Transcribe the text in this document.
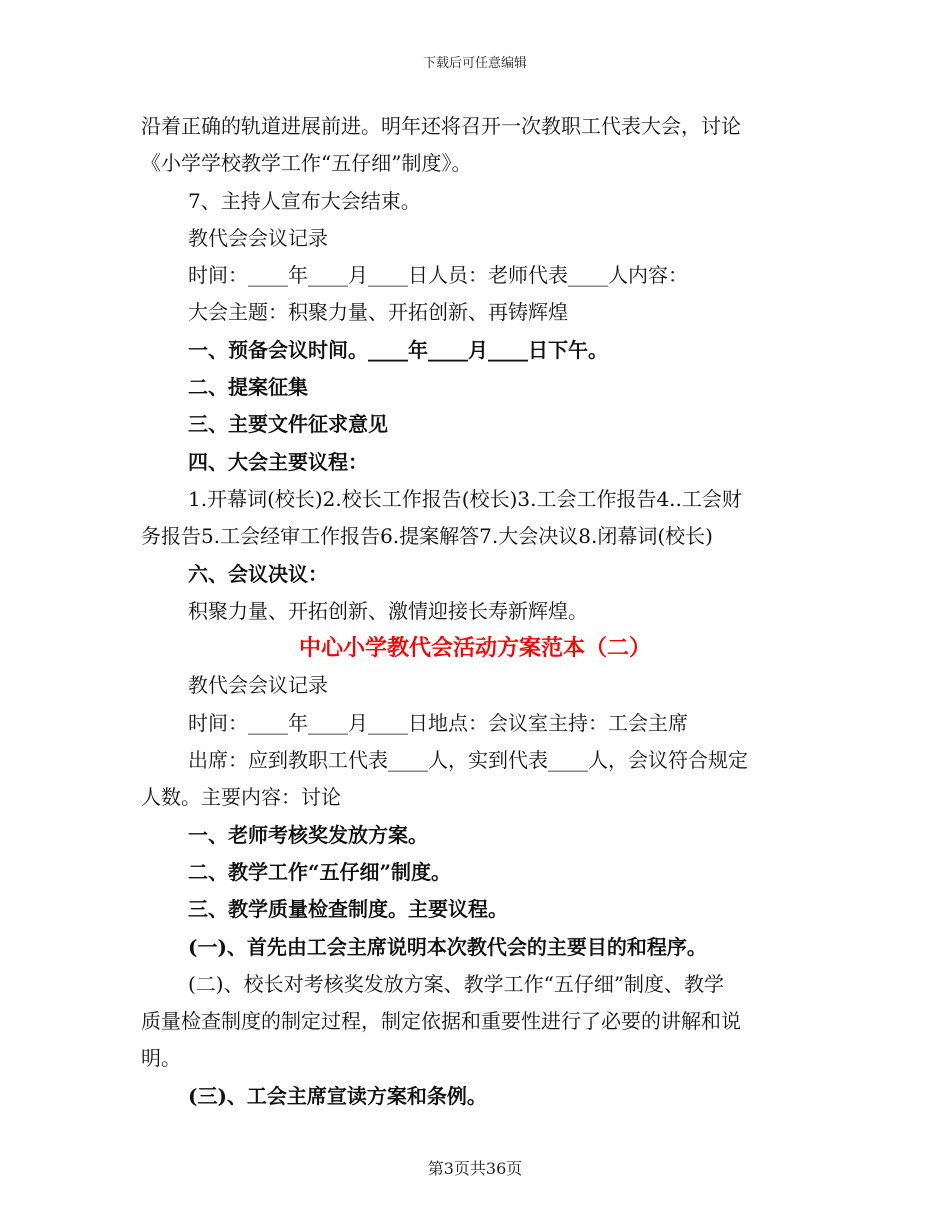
下载后可任意编辑
沿着正确的轨道进展前进。明年还将召开一次教职工代表大会，讨论
《小学学校教学工作“五仔细”制度》。
7、主持人宣布大会结束。
教代会会议记录
时间：____年____月____日人员：老师代表____人内容：
大会主题：积聚力量、开拓创新、再铸辉煌
一、预备会议时间。____年____月____日下午。
二、提案征集
三、主要文件征求意见
四、大会主要议程：
1.开幕词(校长)2.校长工作报告(校长)3.工会工作报告4..工会财
务报告5.工会经审工作报告6.提案解答7.大会决议8.闭幕词(校长)
六、会议决议：
积聚力量、开拓创新、激情迎接长寿新辉煌。
中心小学教代会活动方案范本（二）
教代会会议记录
时间：____年____月____日地点：会议室主持：工会主席
出席：应到教职工代表____人，实到代表____人，会议符合规定
人数。主要内容：讨论
一、老师考核奖发放方案。
二、教学工作“五仔细”制度。
三、教学质量检查制度。主要议程。
(一)、首先由工会主席说明本次教代会的主要目的和程序。
(二)、校长对考核奖发放方案、教学工作“五仔细”制度、教学
质量检查制度的制定过程，制定依据和重要性进行了必要的讲解和说
明。
(三)、工会主席宣读方案和条例。
第3页共36页
